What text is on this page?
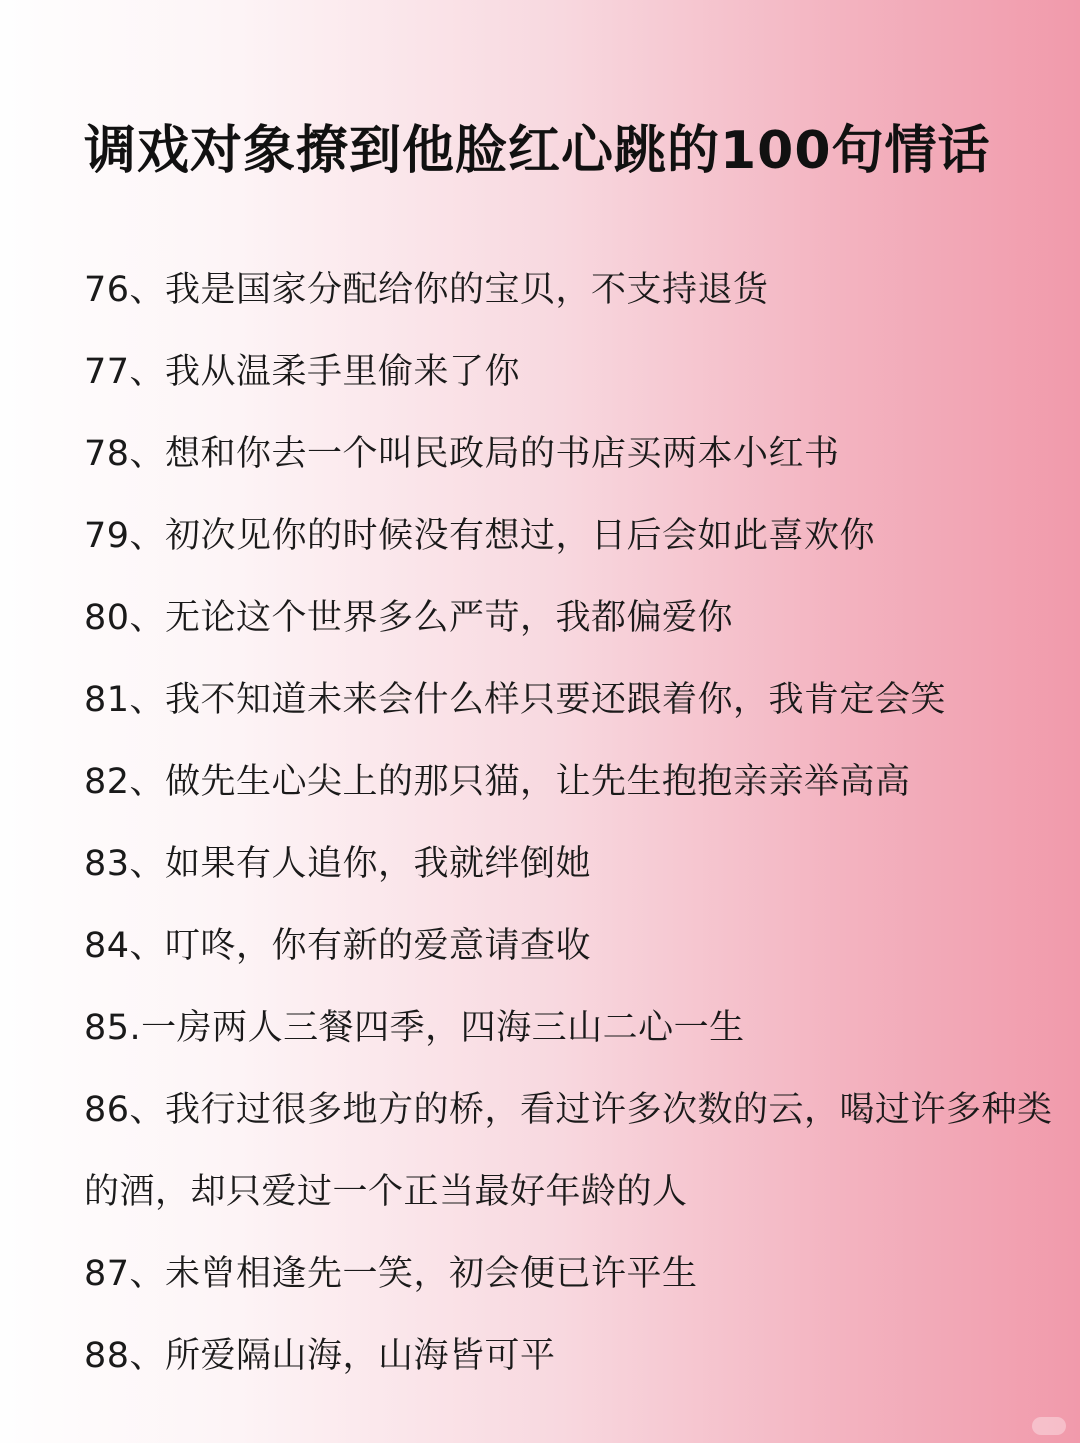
调戏对象撩到他脸红心跳的100句情话
76、我是国家分配给你的宝贝，不支持退货
77、我从温柔手里偷来了你
78、想和你去一个叫民政局的书店买两本小红书
79、初次见你的时候没有想过，日后会如此喜欢你
80、无论这个世界多么严苛，我都偏爱你
81、我不知道未来会什么样只要还跟着你，我肯定会笑
82、做先生心尖上的那只猫，让先生抱抱亲亲举高高
83、如果有人追你，我就绊倒她
84、叮咚，你有新的爱意请查收
85.一房两人三餐四季，四海三山二心一生
86、我行过很多地方的桥，看过许多次数的云，喝过许多种类
的酒，却只爱过一个正当最好年龄的人
87、未曾相逢先一笑，初会便已许平生
88、所爱隔山海，山海皆可平
